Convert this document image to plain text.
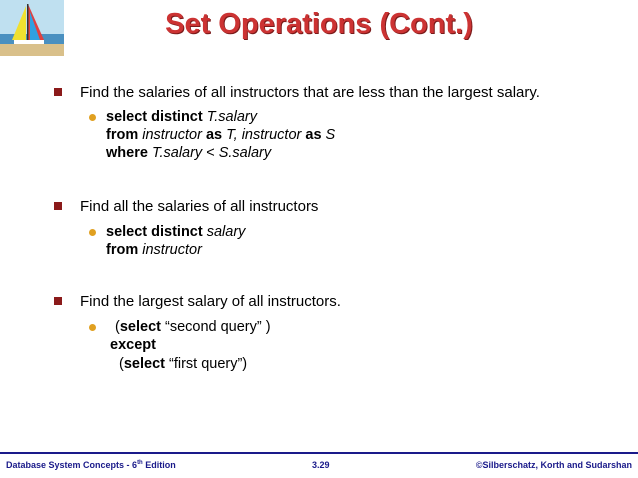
Set Operations (Cont.)
Find the salaries of all instructors that are less than the largest salary.
select distinct T.salary
from instructor as T, instructor as S
where T.salary < S.salary
Find all the salaries of all instructors
select distinct salary
from instructor
Find the largest salary of all instructors.
(select “second query” )
except
(select “first query”)
Database System Concepts - 6th Edition	3.29	©Silberschatz, Korth and Sudarshan
